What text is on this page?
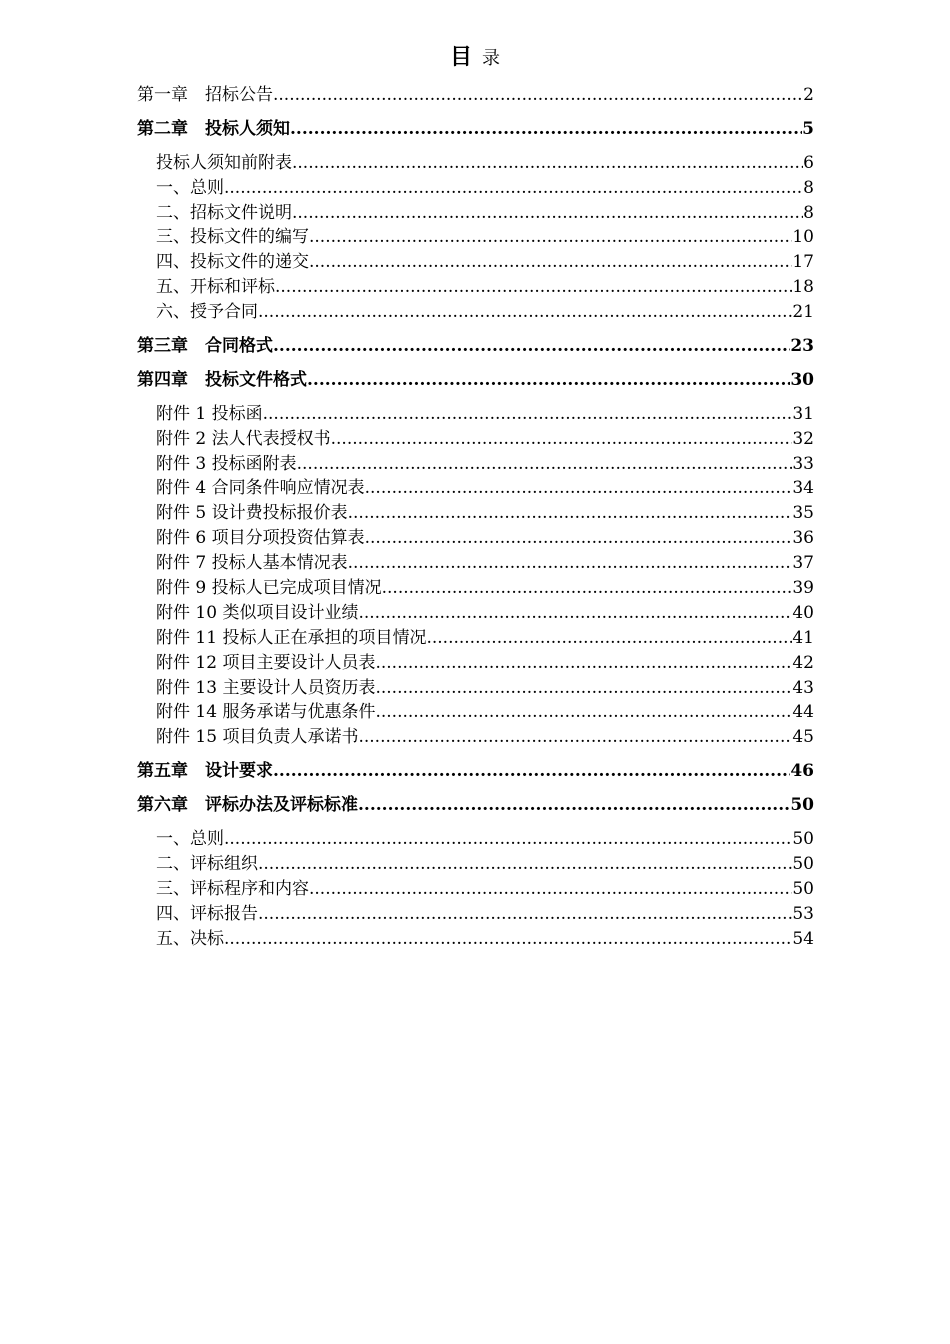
目 录
第一章　招标公告 .....	2
第二章　投标人须知 .....	5
投标人须知前附表 .....	6
一、总则 .....	8
二、招标文件说明 .....	8
三、投标文件的编写 .....	10
四、投标文件的递交 .....	17
五、开标和评标 .....	18
六、授予合同 .....	21
第三章　合同格式 .....	23
第四章　投标文件格式 .....	30
附件 1 投标函 .....	31
附件 2 法人代表授权书 .....	32
附件 3 投标函附表 .....	33
附件 4 合同条件响应情况表 .....	34
附件 5 设计费投标报价表 .....	35
附件 6 项目分项投资估算表 .....	36
附件 7 投标人基本情况表 .....	37
附件 9 投标人已完成项目情况 .....	39
附件 10 类似项目设计业绩 .....	40
附件 11 投标人正在承担的项目情况 .....	41
附件 12 项目主要设计人员表 .....	42
附件 13 主要设计人员资历表 .....	43
附件 14 服务承诺与优惠条件 .....	44
附件 15 项目负责人承诺书 .....	45
第五章　设计要求 .....	46
第六章　评标办法及评标标准 .....	50
一、总则 .....	50
二、评标组织 .....	50
三、评标程序和内容 .....	50
四、评标报告 .....	53
五、决标 .....	54
